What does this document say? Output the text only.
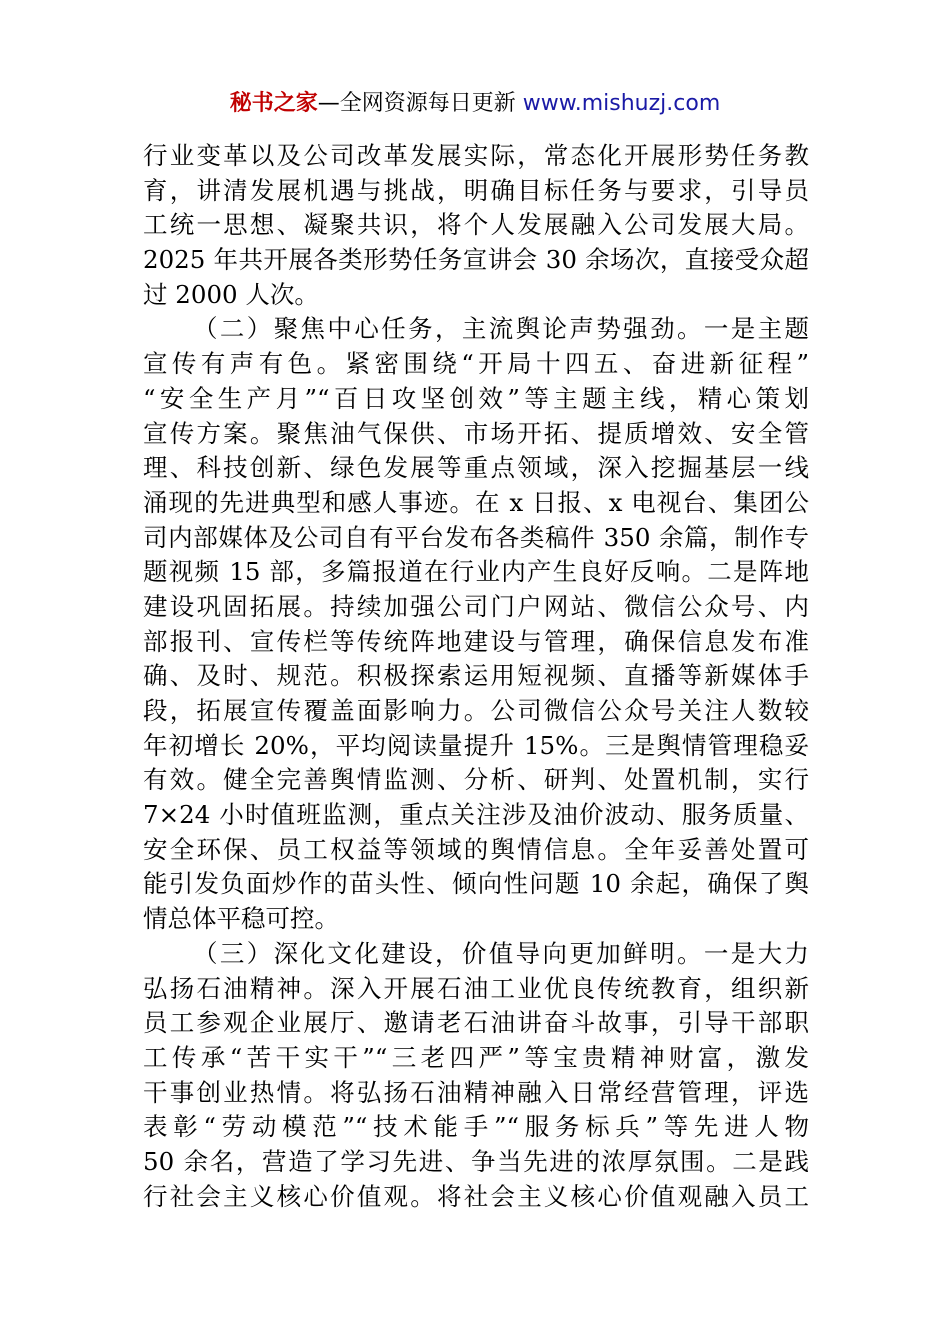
秘书之家—全网资源每日更新 www.mishuzj.com
行业变革以及公司改革发展实际，常态化开展形势任务教
育，讲清发展机遇与挑战，明确目标任务与要求，引导员
工统一思想、凝聚共识，将个人发展融入公司发展大局。
2025 年共开展各类形势任务宣讲会 30 余场次，直接受众超
过 2000 人次。
（二）聚焦中心任务，主流舆论声势强劲。一是主题
宣传有声有色。紧密围绕“开局十四五、奋进新征程”
“安全生产月”“百日攻坚创效”等主题主线，精心策划
宣传方案。聚焦油气保供、市场开拓、提质增效、安全管
理、科技创新、绿色发展等重点领域，深入挖掘基层一线
涌现的先进典型和感人事迹。在 x 日报、x 电视台、集团公
司内部媒体及公司自有平台发布各类稿件 350 余篇，制作专
题视频 15 部，多篇报道在行业内产生良好反响。二是阵地
建设巩固拓展。持续加强公司门户网站、微信公众号、内
部报刊、宣传栏等传统阵地建设与管理，确保信息发布准
确、及时、规范。积极探索运用短视频、直播等新媒体手
段，拓展宣传覆盖面影响力。公司微信公众号关注人数较
年初增长 20%，平均阅读量提升 15%。三是舆情管理稳妥
有效。健全完善舆情监测、分析、研判、处置机制，实行
7×24 小时值班监测，重点关注涉及油价波动、服务质量、
安全环保、员工权益等领域的舆情信息。全年妥善处置可
能引发负面炒作的苗头性、倾向性问题 10 余起，确保了舆
情总体平稳可控。
（三）深化文化建设，价值导向更加鲜明。一是大力
弘扬石油精神。深入开展石油工业优良传统教育，组织新
员工参观企业展厅、邀请老石油讲奋斗故事，引导干部职
工传承“苦干实干”“三老四严”等宝贵精神财富，激发
干事创业热情。将弘扬石油精神融入日常经营管理，评选
表彰“劳动模范”“技术能手”“服务标兵”等先进人物
50 余名，营造了学习先进、争当先进的浓厚氛围。二是践
行社会主义核心价值观。将社会主义核心价值观融入员工
